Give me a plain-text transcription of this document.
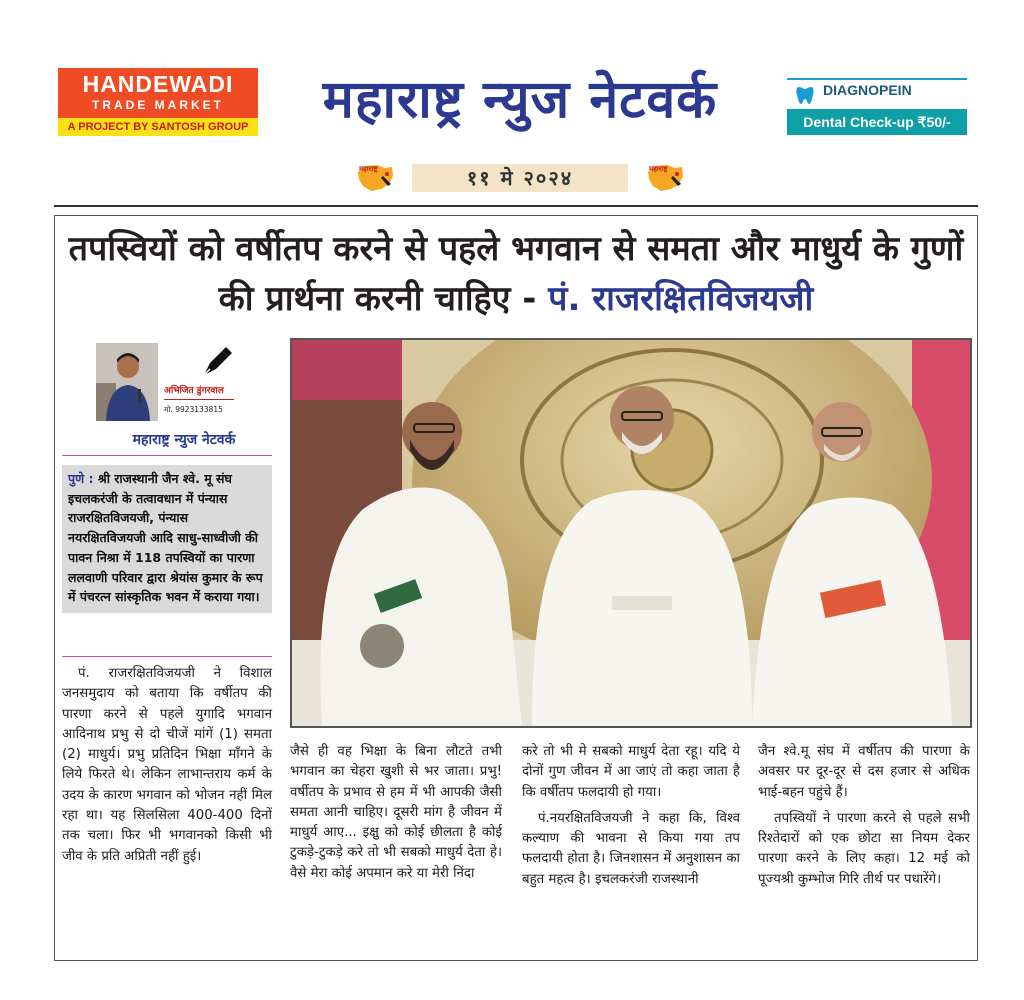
HANDEWADI
TRADE MARKET
A PROJECT BY SANTOSH GROUP	महाराष्ट्र न्युज नेटवर्क	DIAGNOPEIN
Dental Check-up ₹50/-
महाराष्ट्र	११ मे २०२४	महाराष्ट्र
तपस्वियों को वर्षीतप करने से पहले भगवान से समता और माधुर्य के गुणों की प्रार्थना करनी चाहिए - पं. राजरक्षितविजयजी
अभिजित डुंगरवाल
मो. 9923133815
महाराष्ट्र न्युज नेटवर्क
पुणे : श्री राजस्थानी जैन श्वे. मू संघ इचलकरंजी के तत्वावधान में पंन्यास राजरक्षितविजयजी, पंन्यास नयरक्षितविजयजी आदि साधु-साध्वीजी की पावन निश्रा में 118 तपस्वियों का पारणा ललवाणी परिवार द्वारा श्रेयांस कुमार के रूप में पंचरत्न सांस्कृतिक भवन में कराया गया।

पं. राजरक्षितविजयजी ने विशाल जनसमुदाय को बताया कि वर्षीतप की पारणा करने से पहले युगादि भगवान आदिनाथ प्रभु से दो चीजें मांगें (1) समता (2) माधुर्य। प्रभु प्रतिदिन भिक्षा माँगने के लिये फिरते थे। लेकिन लाभान्तराय कर्म के उदय के कारण भगवान को भोजन नहीं मिल रहा था। यह सिलसिला 400-400 दिनों तक चला। फिर भी भगवानको किसी भी जीव के प्रति अप्रिती नहीं हुई।

जैसे ही वह भिक्षा के बिना लौटते तभी भगवान का चेहरा खुशी से भर जाता। प्रभु! वर्षीतप के प्रभाव से हम में भी आपकी जैसी समता आनी चाहिए। दूसरी मांग है जीवन में माधुर्य आए... इक्षु को कोई छीलता है कोई टुकड़े-टुकड़े करे तो भी सबको माधुर्य देता हे। वैसे मेरा कोई अपमान करे या मेरी निंदा

करे तो भी मे सबको माधुर्य देता रहू। यदि ये दोनों गुण जीवन में आ जाएं तो कहा जाता है कि वर्षीतप फलदायी हो गया।

पं.नयरक्षितविजयजी ने कहा कि, विश्व कल्याण की भावना से किया गया तप फलदायी होता है। जिनशासन में अनुशासन का बहुत महत्व है। इचलकरंजी राजस्थानी

जैन श्वे.मू संघ में वर्षीतप की पारणा के अवसर पर दूर-दूर से दस हजार से अधिक भाई-बहन पहुंचे हैं।

तपस्वियों ने पारणा करने से पहले सभी रिश्तेदारों को एक छोटा सा नियम देकर पारणा करने के लिए कहा। 12 मई को पूज्यश्री कुम्भोज गिरि तीर्थ पर पधारेंगे।
